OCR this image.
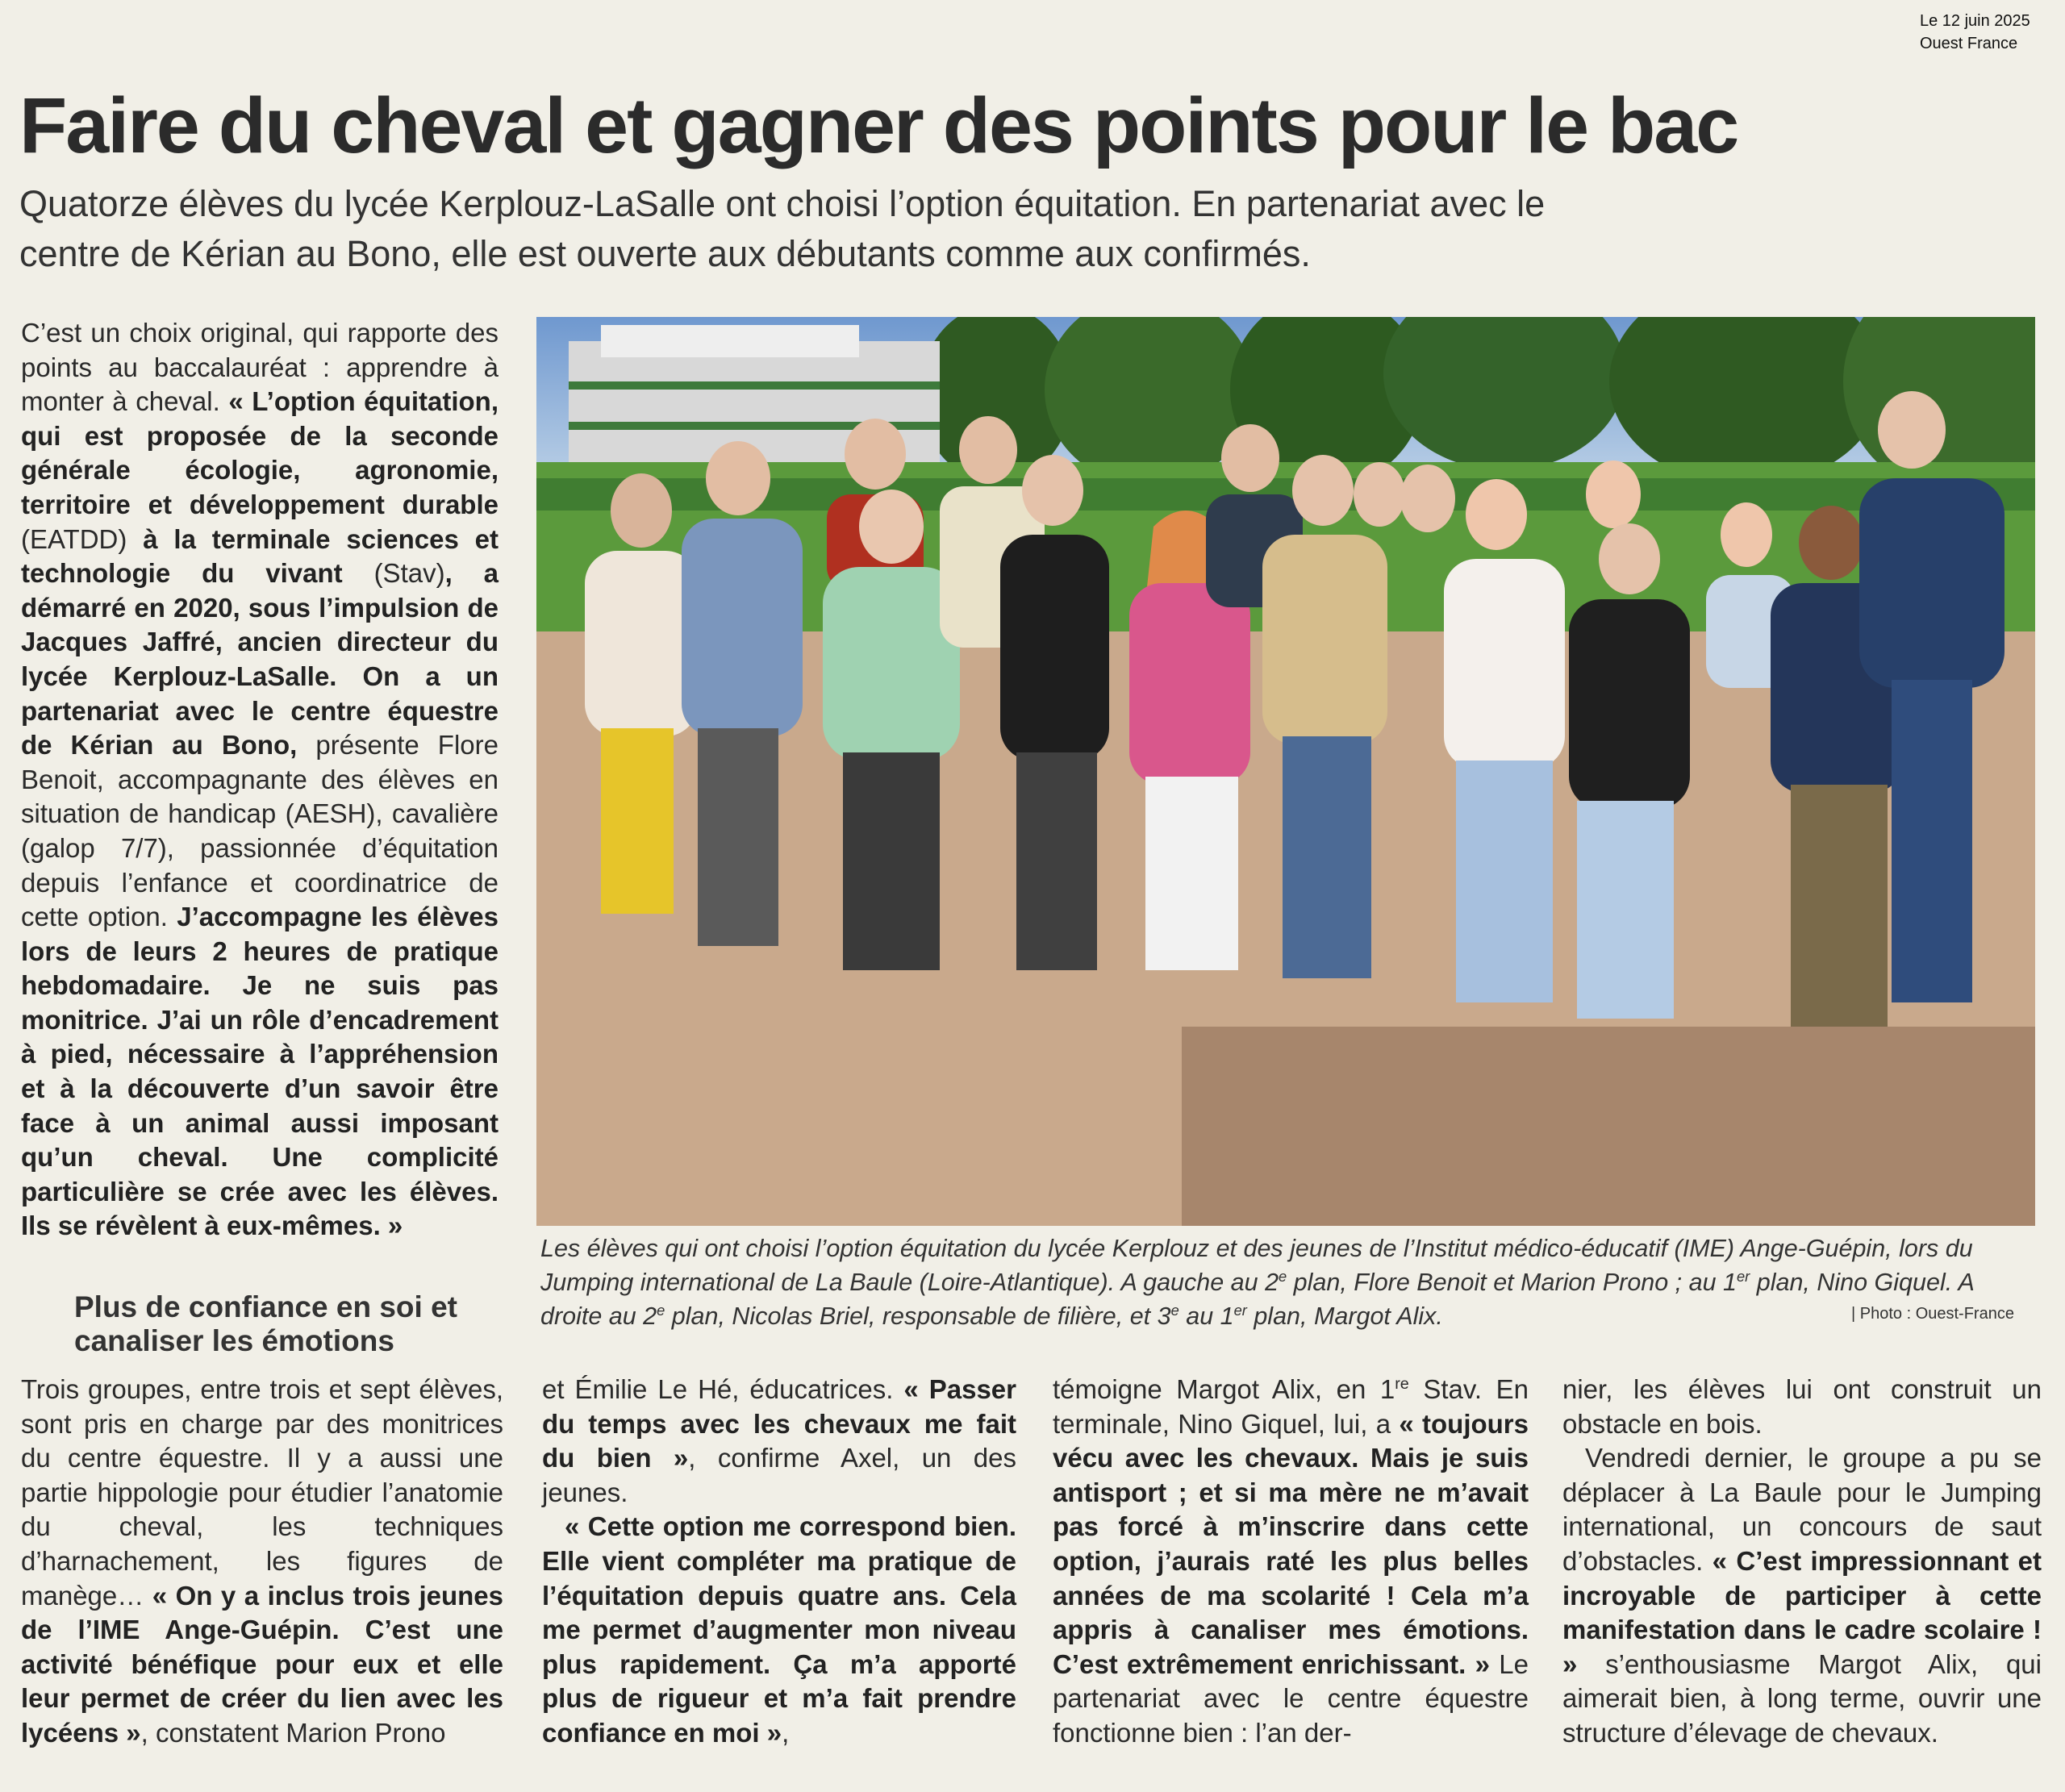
Le 12 juin 2025
Ouest France
Faire du cheval et gagner des points pour le bac
Quatorze élèves du lycée Kerplouz-LaSalle ont choisi l’option équitation. En partenariat avec le centre de Kérian au Bono, elle est ouverte aux débutants comme aux confirmés.

C’est un choix original, qui rapporte des points au baccalauréat : apprendre à monter à cheval. « L’option équitation, qui est proposée de la seconde générale écologie, agronomie, territoire et développement durable (EATDD) à la terminale sciences et technologie du vivant (Stav), a démarré en 2020, sous l’impulsion de Jacques Jaffré, ancien directeur du lycée Kerplouz-LaSalle. On a un partenariat avec le centre équestre de Kérian au Bono, présente Flore Benoit, accompagnante des élèves en situation de handicap (AESH), cavalière (galop 7/7), passionnée d’équitation depuis l’enfance et coordinatrice de cette option. J’accompagne les élèves lors de leurs 2 heures de pratique hebdomadaire. Je ne suis pas monitrice. J’ai un rôle d’encadrement à pied, nécessaire à l’appréhension et à la découverte d’un savoir être face à un animal aussi imposant qu’un cheval. Une complicité particulière se crée avec les élèves. Ils se révèlent à eux-mêmes. »

Plus de confiance en soi et canaliser les émotions

Trois groupes, entre trois et sept élèves, sont pris en charge par des monitrices du centre équestre. Il y a aussi une partie hippologie pour étudier l’anatomie du cheval, les techniques d’harnachement, les figures de manège… « On y a inclus trois jeunes de l’IME Ange-Guépin. C’est une activité bénéfique pour eux et elle leur permet de créer du lien avec les lycéens », constatent Marion Prono

et Émilie Le Hé, éducatrices. « Passer du temps avec les chevaux me fait du bien », confirme Axel, un des jeunes.

« Cette option me correspond bien. Elle vient compléter ma pratique de l’équitation depuis quatre ans. Cela me permet d’augmenter mon niveau plus rapidement. Ça m’a apporté plus de rigueur et m’a fait prendre confiance en moi »,

témoigne Margot Alix, en 1re Stav. En terminale, Nino Giquel, lui, a « toujours vécu avec les chevaux. Mais je suis antisport ; et si ma mère ne m’avait pas forcé à m’inscrire dans cette option, j’aurais raté les plus belles années de ma scolarité ! Cela m’a appris à canaliser mes émotions. C’est extrêmement enrichissant. » Le partenariat avec le centre équestre fonctionne bien : l’an der-

nier, les élèves lui ont construit un obstacle en bois.

Vendredi dernier, le groupe a pu se déplacer à La Baule pour le Jumping international, un concours de saut d’obstacles. « C’est impressionnant et incroyable de participer à cette manifestation dans le cadre scolaire ! » s’enthousiasme Margot Alix, qui aimerait bien, à long terme, ouvrir une structure d’élevage de chevaux.

Les élèves qui ont choisi l’option équitation du lycée Kerplouz et des jeunes de l’Institut médico-éducatif (IME) Ange-Guépin, lors du Jumping international de La Baule (Loire-Atlantique). A gauche au 2e plan, Flore Benoit et Marion Prono ; au 1er plan, Nino Giquel. A droite au 2e plan, Nicolas Briel, responsable de filière, et 3e au 1er plan, Margot Alix.	| Photo : Ouest-France
